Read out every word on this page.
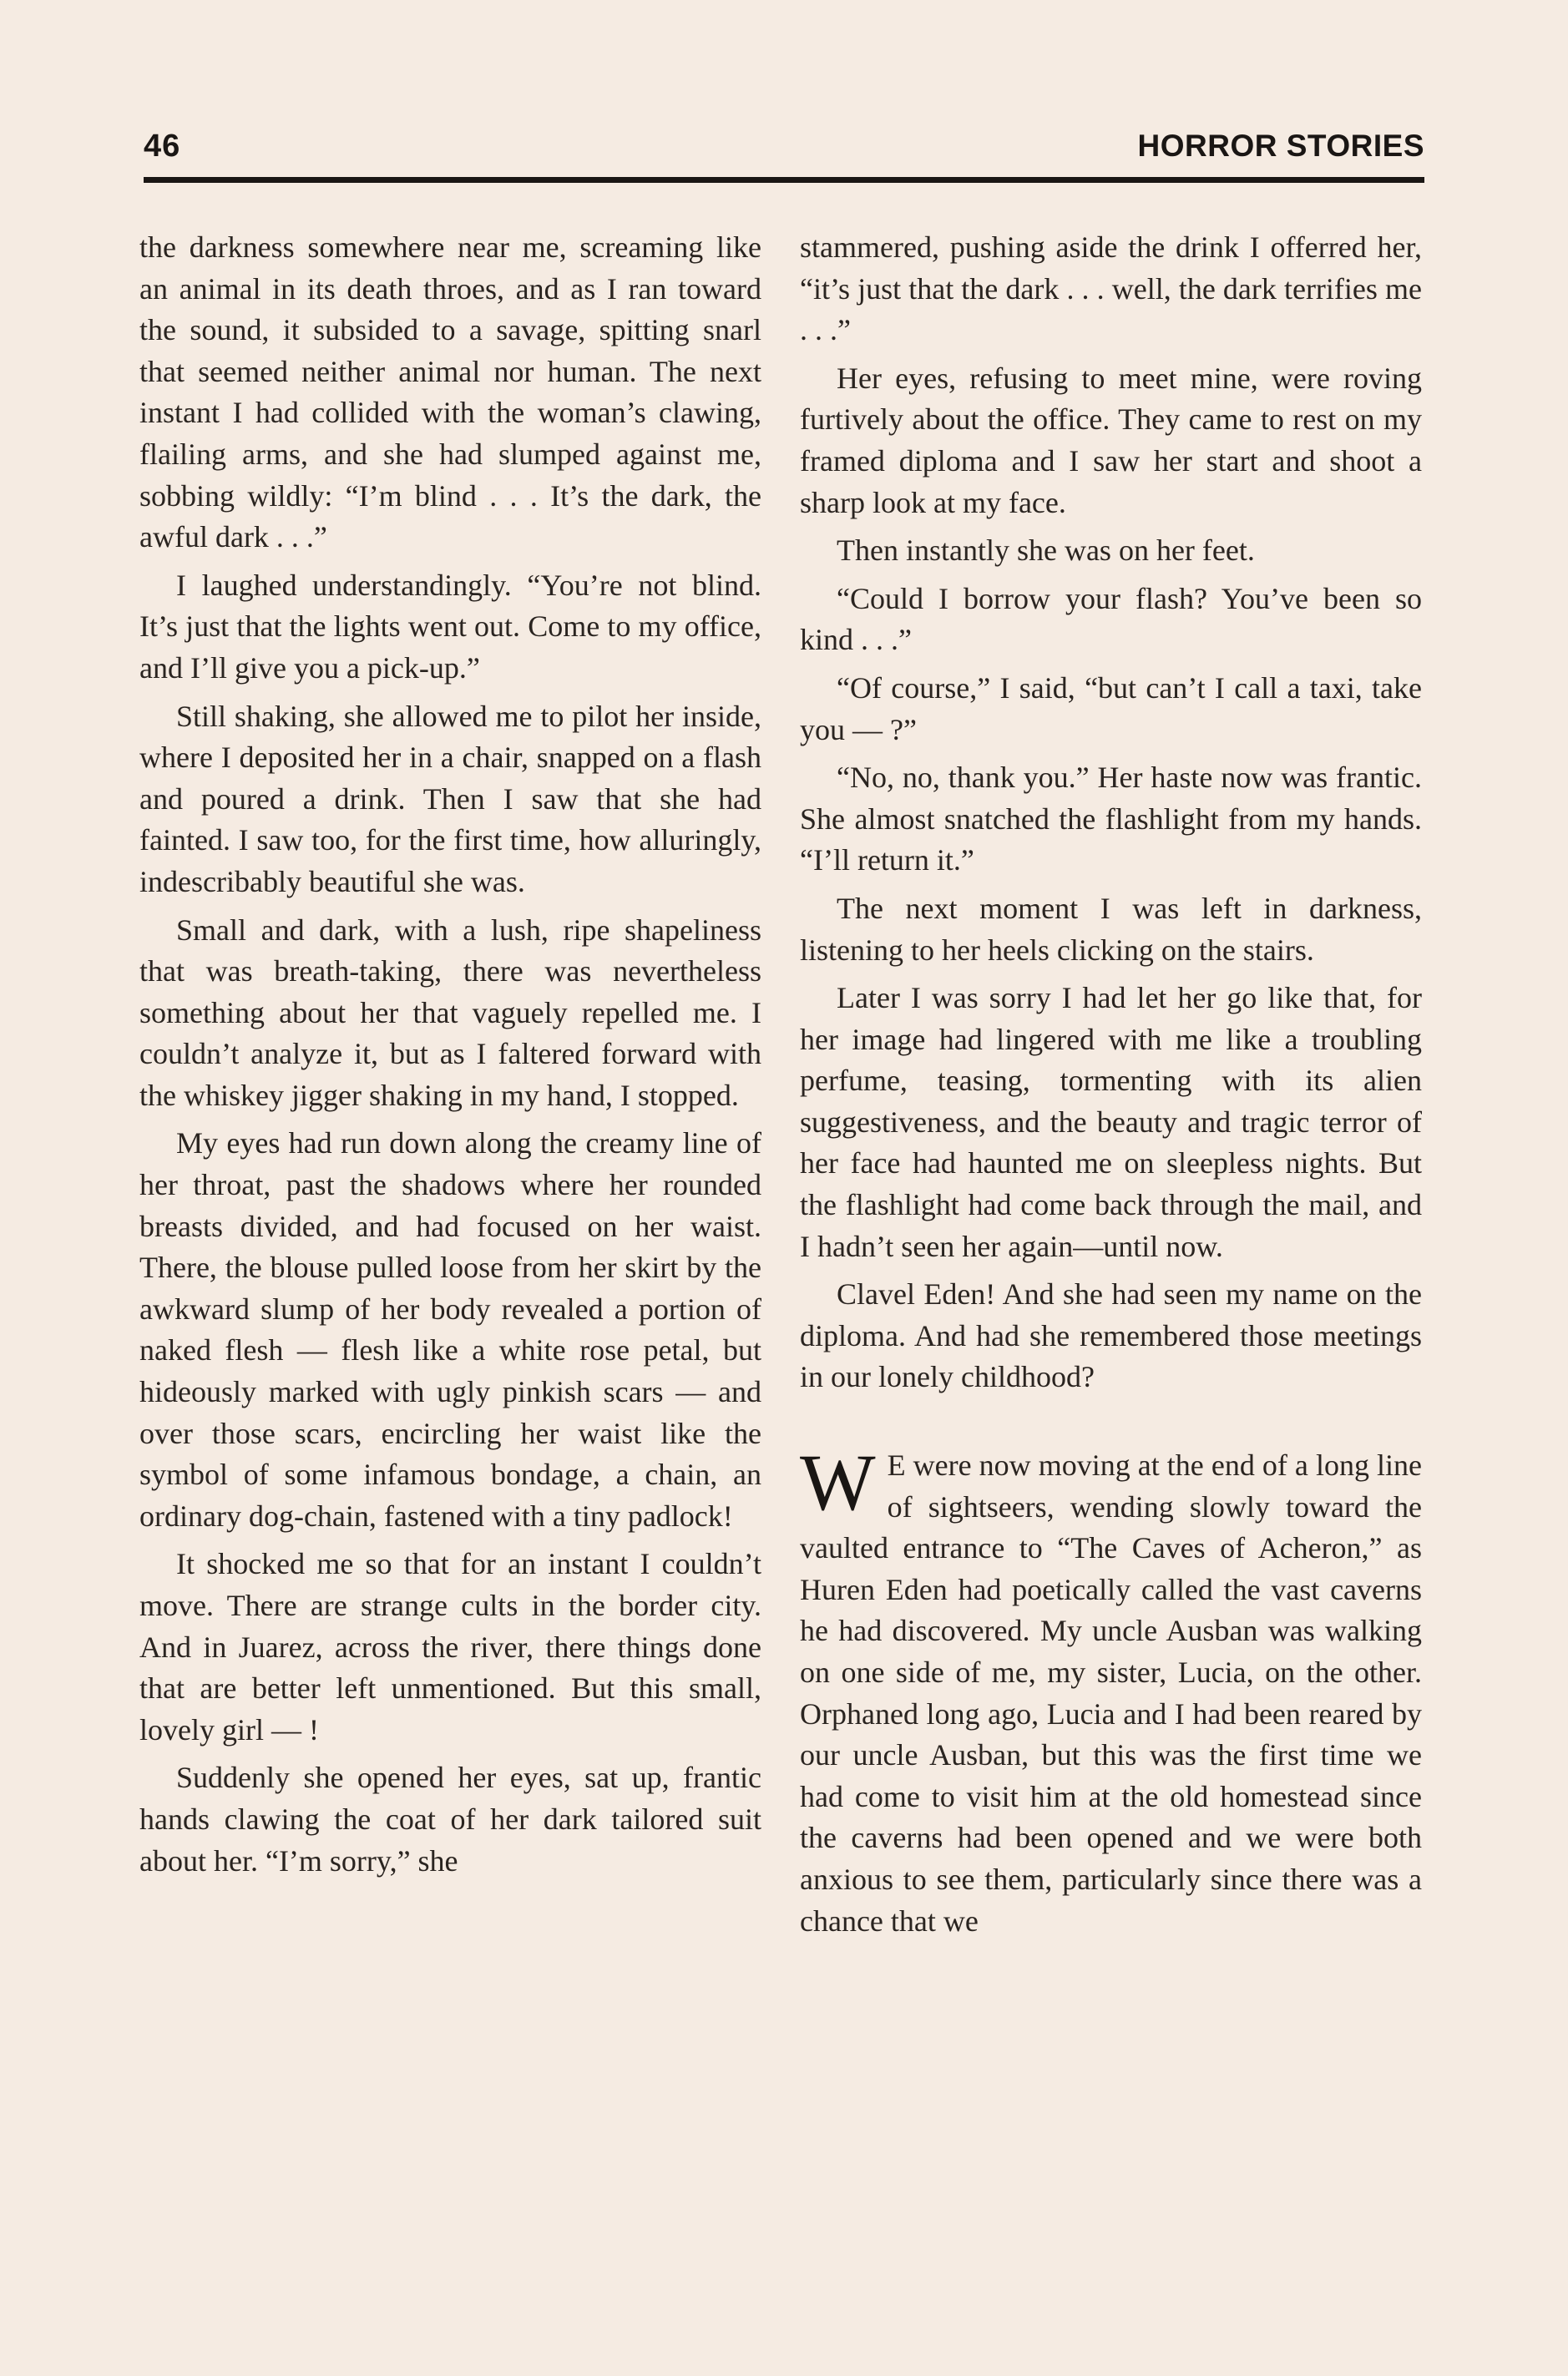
46	HORROR STORIES

the darkness somewhere near me, screaming like an animal in its death throes, and as I ran toward the sound, it subsided to a savage, spitting snarl that seemed neither animal nor human. The next instant I had collided with the woman’s clawing, flailing arms, and she had slumped against me, sobbing wildly: “I’m blind . . . It’s the dark, the awful dark . . .”

I laughed understandingly. “You’re not blind. It’s just that the lights went out. Come to my office, and I’ll give you a pick-up.”

Still shaking, she allowed me to pilot her inside, where I deposited her in a chair, snapped on a flash and poured a drink. Then I saw that she had fainted. I saw too, for the first time, how alluringly, indescribably beautiful she was.

Small and dark, with a lush, ripe shapeliness that was breath-taking, there was nevertheless something about her that vaguely repelled me. I couldn’t analyze it, but as I faltered forward with the whiskey jigger shaking in my hand, I stopped.

My eyes had run down along the creamy line of her throat, past the shadows where her rounded breasts divided, and had focused on her waist. There, the blouse pulled loose from her skirt by the awkward slump of her body revealed a portion of naked flesh — flesh like a white rose petal, but hideously marked with ugly pinkish scars — and over those scars, encircling her waist like the symbol of some infamous bondage, a chain, an ordinary dog-chain, fastened with a tiny padlock!

It shocked me so that for an instant I couldn’t move. There are strange cults in the border city. And in Juarez, across the river, there things done that are better left unmentioned. But this small, lovely girl — !

Suddenly she opened her eyes, sat up, frantic hands clawing the coat of her dark tailored suit about her. “I’m sorry,” she

stammered, pushing aside the drink I offerred her, “it’s just that the dark . . . well, the dark terrifies me . . .”

Her eyes, refusing to meet mine, were roving furtively about the office. They came to rest on my framed diploma and I saw her start and shoot a sharp look at my face.

Then instantly she was on her feet.

“Could I borrow your flash? You’ve been so kind . . .”

“Of course,” I said, “but can’t I call a taxi, take you — ?”

“No, no, thank you.” Her haste now was frantic. She almost snatched the flashlight from my hands. “I’ll return it.”

The next moment I was left in darkness, listening to her heels clicking on the stairs.

Later I was sorry I had let her go like that, for her image had lingered with me like a troubling perfume, teasing, tormenting with its alien suggestiveness, and the beauty and tragic terror of her face had haunted me on sleepless nights. But the flashlight had come back through the mail, and I hadn’t seen her again—until now.

Clavel Eden! And she had seen my name on the diploma. And had she remembered those meetings in our lonely childhood?

W E were now moving at the end of a long line of sightseers, wending slowly toward the vaulted entrance to “The Caves of Acheron,” as Huren Eden had poetically called the vast caverns he had discovered. My uncle Ausban was walking on one side of me, my sister, Lucia, on the other. Orphaned long ago, Lucia and I had been reared by our uncle Ausban, but this was the first time we had come to visit him at the old homestead since the caverns had been opened and we were both anxious to see them, particularly since there was a chance that we
